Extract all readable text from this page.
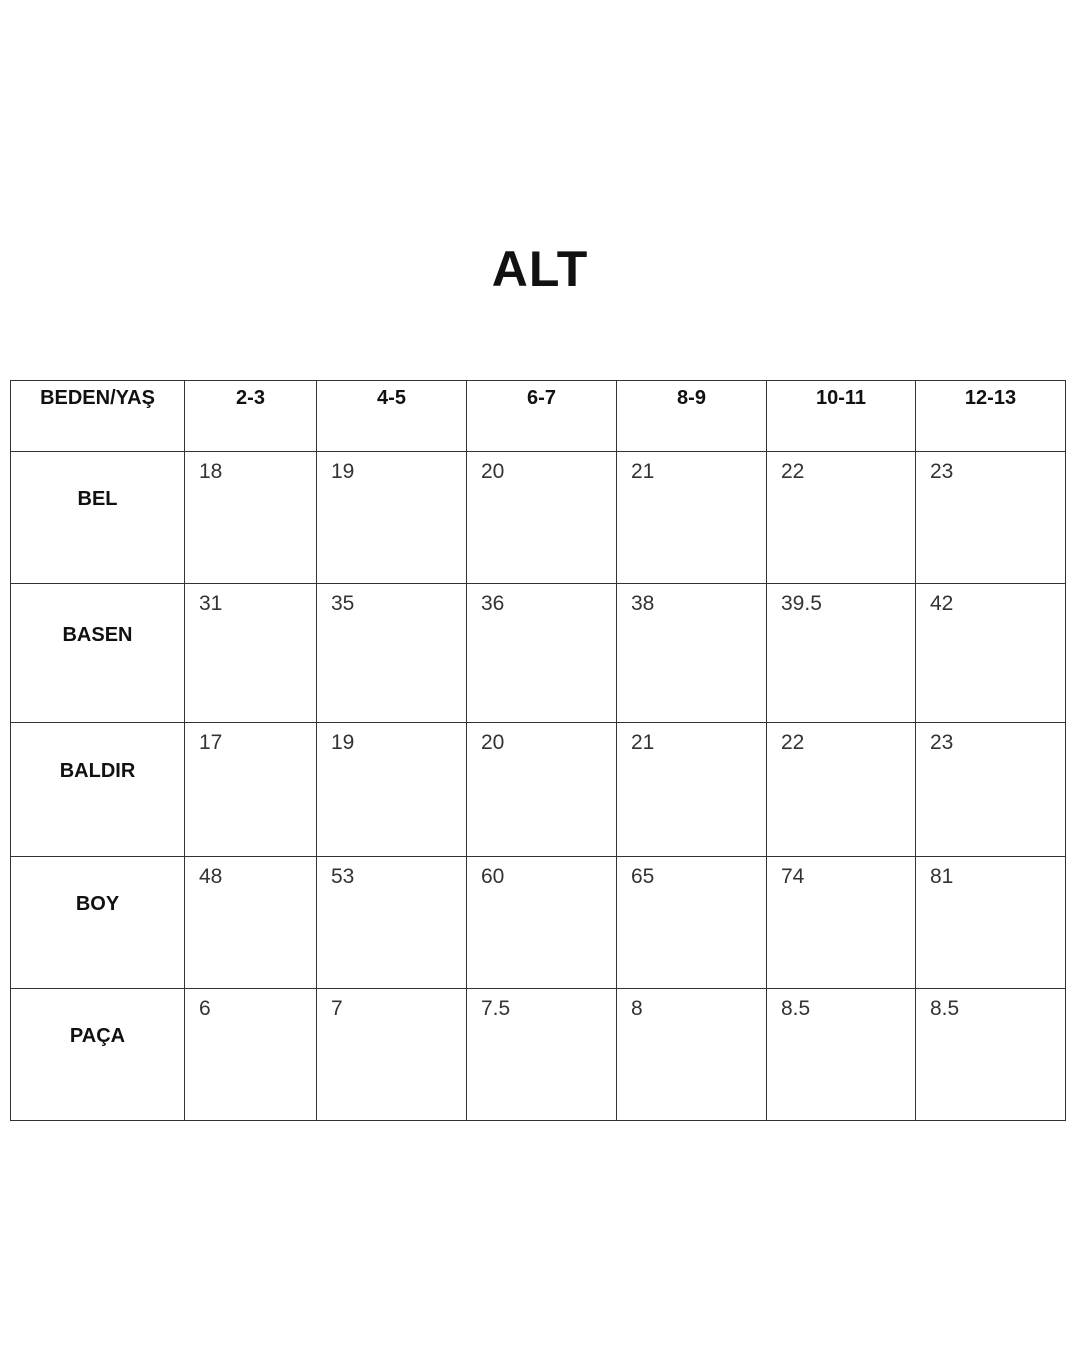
ALT
BEDEN/YAŞ	2-3	4-5	6-7	8-9	10-11	12-13
BEL	18	19	20	21	22	23
BASEN	31	35	36	38	39.5	42
BALDIR	17	19	20	21	22	23
BOY	48	53	60	65	74	81
PAÇA	6	7	7.5	8	8.5	8.5
